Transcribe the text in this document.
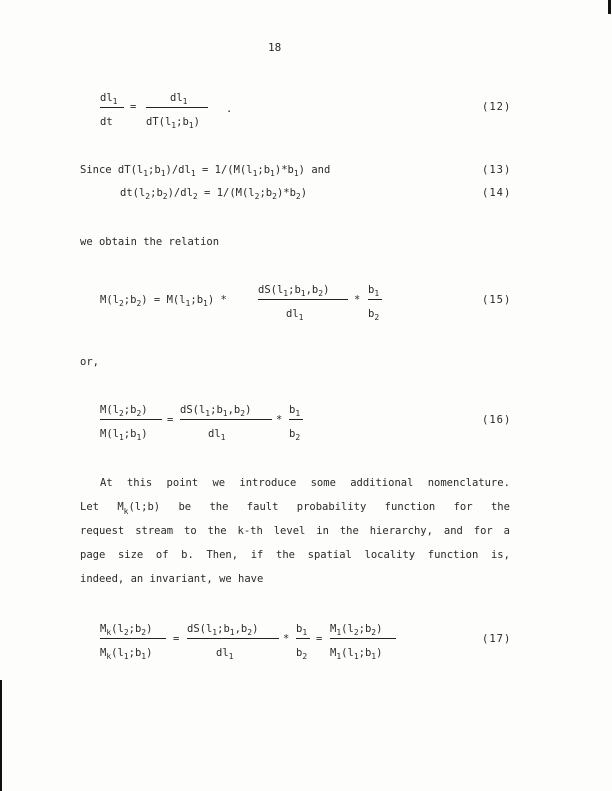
18
$dl_1$
dt
=
$dl_1$
$dT(l_1;b_1)$
.	(12)
Since $dT(l_1;b_1)/dl_1$ = $1/(M(l_1;b_1)*b_1)$ and	(13)
$dt(l_2;b_2)/dl_2$ = $1/(M(l_2;b_2)*b_2)$	(14)
we obtain the relation
$M(l_2;b_2)$ = $M(l_1;b_1)$ *
$dS(l_1;b_1,b_2)$
$dl_1$
*
$b_1$
$b_2$
(15)
or,
$M(l_2;b_2)$
$M(l_1;b_1)$
=
$dS(l_1;b_1,b_2)$
$dl_1$
*
$b_1$
$b_2$
(16)
At this point we introduce some additional nomenclature.
Let $M_k(l;b)$ be the fault probability function for the
request stream to the k-th level in the hierarchy, and for a
page size of b. Then, if the spatial locality function is,
indeed, an invariant, we have
$M_k(l_2;b_2)$
$M_k(l_1;b_1)$
=
$dS(l_1;b_1,b_2)$
$dl_1$
*
$b_1$
$b_2$
=
$M_1(l_2;b_2)$
$M_1(l_1;b_1)$
(17)
